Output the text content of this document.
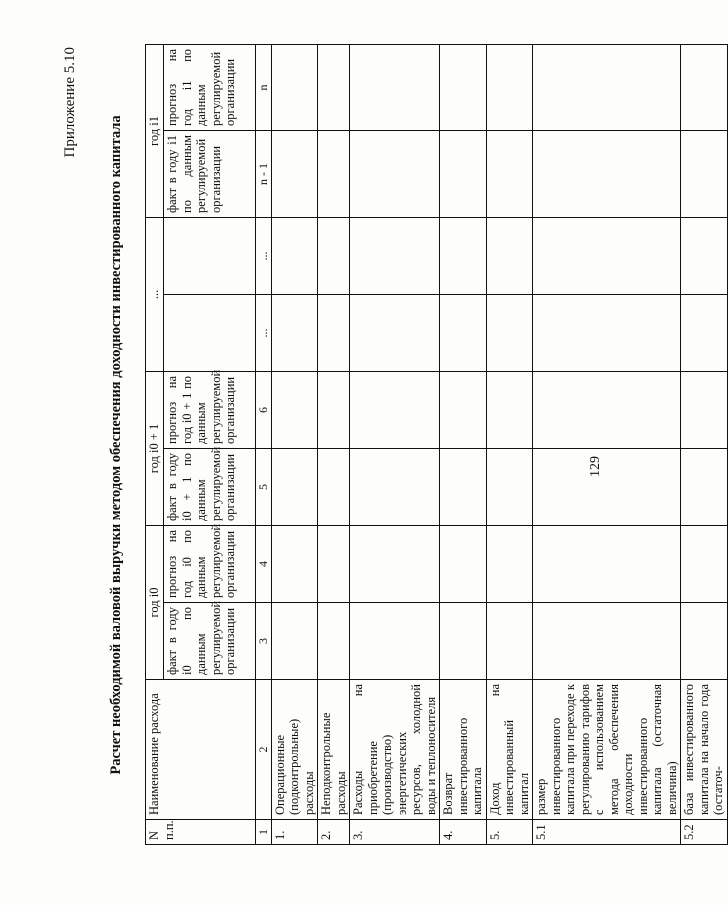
Приложение 5.10
Расчет необходимой валовой выручки методом обеспечения доходности инвестированного капитала
N п.п.	Наименование расхода	год i0		год i0 + 1		...		год i1	
		факт в году i0 по данным регулируемой организации	прогноз на год i0 по данным регулируемой организации	факт в году i0 + 1 по данным регулируемой организации	прогноз на год i0 + 1 по данным регулируемой организации			факт в году i1 по данным регулируемой организации	прогноз на год i1 по данным регулируемой организации
1	2	3	4	5	6	...	...	n - 1	n
1.	Операционные (подконтрольные) расходы								
2.	Неподконтрольные расходы								
3.	Расходы на приобретение (производство) энергетических ресурсов, холодной воды и теплоносителя								
4.	Возврат инвестированного капитала								
5.	Доход на инвестированный капитал								
5.1	размер инвестированного капитала при переходе к регулированию тарифов с использованием метода обеспечения доходности инвестированного капитала (остаточная величина)								
5.2	база инвестированного капитала на начало года (остаточ-								
129
